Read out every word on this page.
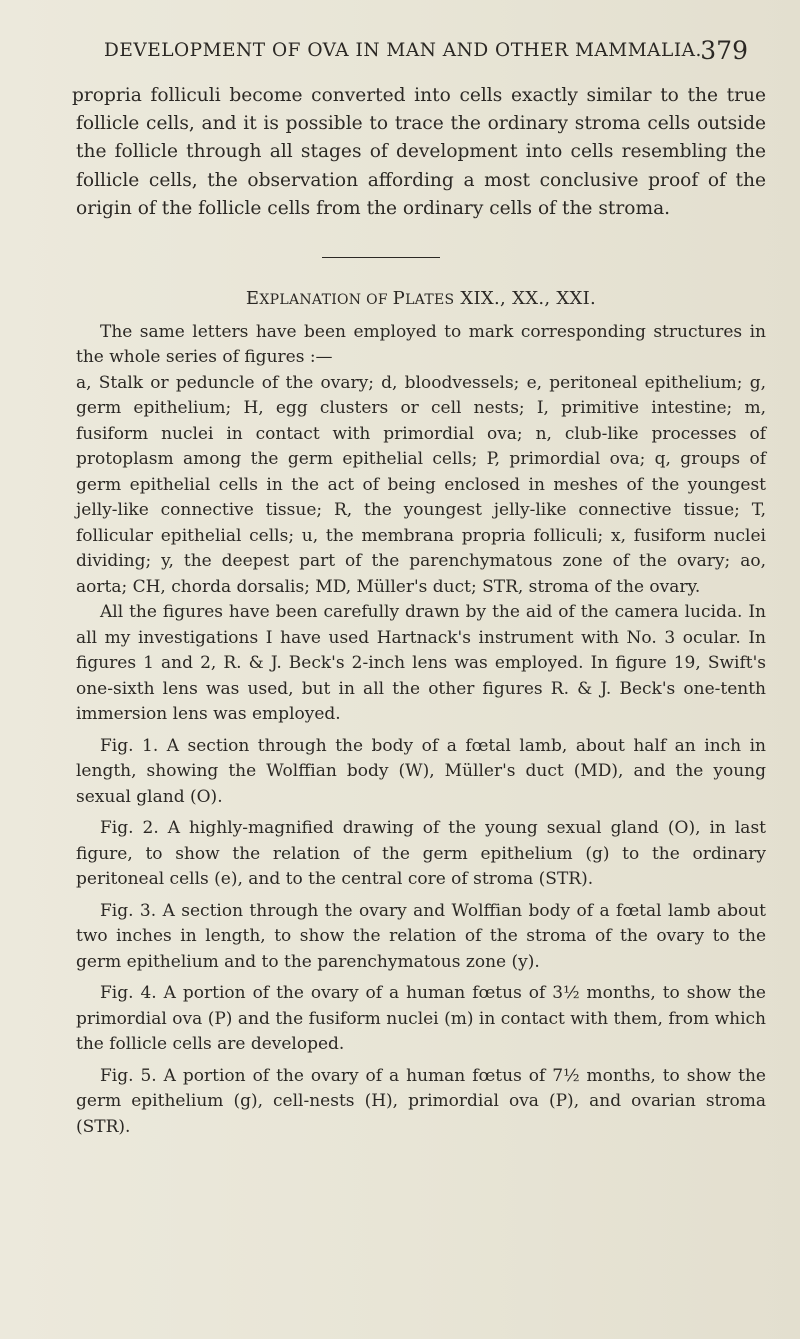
DEVELOPMENT OF OVA IN MAN AND OTHER MAMMALIA.
379

propria folliculi become converted into cells exactly similar to the true follicle cells, and it is possible to trace the ordinary stroma cells outside the follicle through all stages of development into cells resembling the follicle cells, the observation affording a most conclusive proof of the origin of the follicle cells from the ordinary cells of the stroma.

EXPLANATION OF PLATES XIX., XX., XXI.

The same letters have been employed to mark corresponding structures in the whole series of figures :—

a, Stalk or peduncle of the ovary; d, bloodvessels; e, peritoneal epithelium; g, germ epithelium; H, egg clusters or cell nests; I, primitive intestine; m, fusiform nuclei in contact with primordial ova; n, club-like processes of protoplasm among the germ epithelial cells; P, primordial ova; q, groups of germ epithelial cells in the act of being enclosed in meshes of the youngest jelly-like connective tissue; R, the youngest jelly-like connective tissue; T, follicular epithelial cells; u, the membrana propria folliculi; x, fusiform nuclei dividing; y, the deepest part of the parenchymatous zone of the ovary; ao, aorta; CH, chorda dorsalis; MD, Müller's duct; STR, stroma of the ovary.

All the figures have been carefully drawn by the aid of the camera lucida. In all my investigations I have used Hartnack's instrument with No. 3 ocular. In figures 1 and 2, R. & J. Beck's 2-inch lens was employed. In figure 19, Swift's one-sixth lens was used, but in all the other figures R. & J. Beck's one-tenth immersion lens was employed.

Fig. 1. A section through the body of a fœtal lamb, about half an inch in length, showing the Wolffian body (W), Müller's duct (MD), and the young sexual gland (O).

Fig. 2. A highly-magnified drawing of the young sexual gland (O), in last figure, to show the relation of the germ epithelium (g) to the ordinary peritoneal cells (e), and to the central core of stroma (STR).

Fig. 3. A section through the ovary and Wolffian body of a fœtal lamb about two inches in length, to show the relation of the stroma of the ovary to the germ epithelium and to the parenchymatous zone (y).

Fig. 4. A portion of the ovary of a human fœtus of 3½ months, to show the primordial ova (P) and the fusiform nuclei (m) in contact with them, from which the follicle cells are developed.

Fig. 5. A portion of the ovary of a human fœtus of 7½ months, to show the germ epithelium (g), cell-nests (H), primordial ova (P), and ovarian stroma (STR).
